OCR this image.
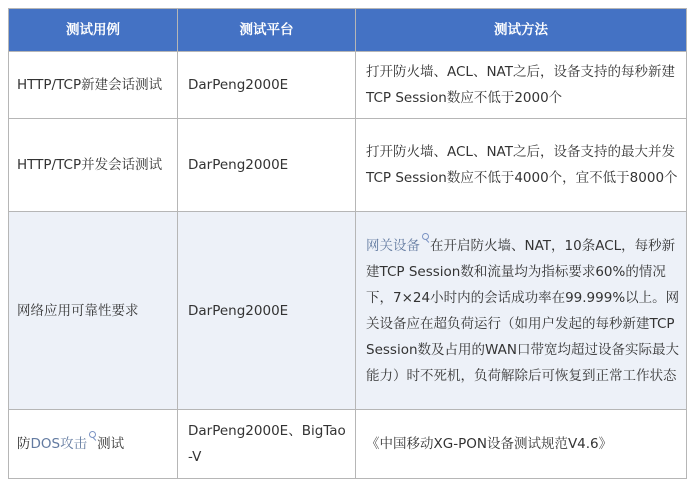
测试用例	测试平台	测试方法
HTTP/TCP新建会话测试	DarPeng2000E	打开防火墙、ACL、NAT之后，设备支持的每秒新建TCP Session数应不低于2000个
HTTP/TCP并发会话测试	DarPeng2000E	打开防火墙、ACL、NAT之后，设备支持的最大并发TCP Session数应不低于4000个，宜不低于8000个
网络应用可靠性要求	DarPeng2000E	网关设备 在开启防火墙、NAT，10条ACL，每秒新建TCP Session数和流量均为指标要求60%的情况下，7×24小时内的会话成功率在99.999%以上。网关设备应在超负荷运行（如用户发起的每秒新建TCP Session数及占用的WAN口带宽均超过设备实际最大能力）时不死机，负荷解除后可恢复到正常工作状态
防DOS攻击 测试	DarPeng2000E、BigTao-V	《中国移动XG-PON设备测试规范V4.6》
